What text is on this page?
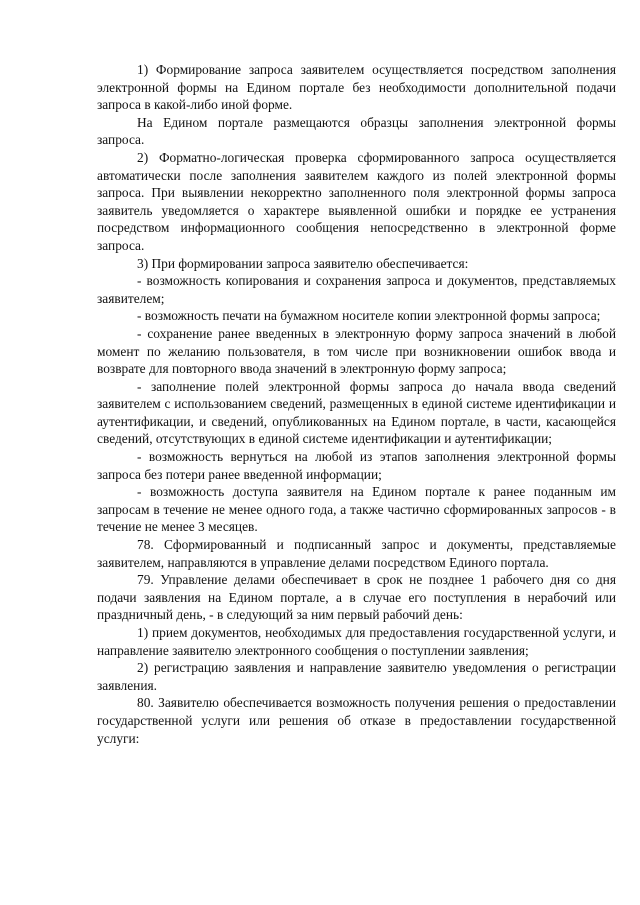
1) Формирование запроса заявителем осуществляется посредством заполнения электронной формы на Едином портале без необходимости дополнительной подачи запроса в какой-либо иной форме.

На Едином портале размещаются образцы заполнения электронной формы запроса.

2) Форматно-логическая проверка сформированного запроса осуществляется автоматически после заполнения заявителем каждого из полей электронной формы запроса. При выявлении некорректно заполненного поля электронной формы запроса заявитель уведомляется о характере выявленной ошибки и порядке ее устранения посредством информационного сообщения непосредственно в электронной форме запроса.

3) При формировании запроса заявителю обеспечивается:

- возможность копирования и сохранения запроса и документов, представляемых заявителем;

- возможность печати на бумажном носителе копии электронной формы запроса;

- сохранение ранее введенных в электронную форму запроса значений в любой момент по желанию пользователя, в том числе при возникновении ошибок ввода и возврате для повторного ввода значений в электронную форму запроса;

- заполнение полей электронной формы запроса до начала ввода сведений заявителем с использованием сведений, размещенных в единой системе идентификации и аутентификации, и сведений, опубликованных на Едином портале, в части, касающейся сведений, отсутствующих в единой системе идентификации и аутентификации;

- возможность вернуться на любой из этапов заполнения электронной формы запроса без потери ранее введенной информации;

- возможность доступа заявителя на Едином портале к ранее поданным им запросам в течение не менее одного года, а также частично сформированных запросов - в течение не менее 3 месяцев.

78. Сформированный и подписанный запрос и документы, представляемые заявителем, направляются в управление делами посредством Единого портала.

79. Управление делами обеспечивает в срок не позднее 1 рабочего дня со дня подачи заявления на Едином портале, а в случае его поступления в нерабочий или праздничный день, - в следующий за ним первый рабочий день:

1) прием документов, необходимых для предоставления государственной услуги, и направление заявителю электронного сообщения о поступлении заявления;

2) регистрацию заявления и направление заявителю уведомления о регистрации заявления.

80. Заявителю обеспечивается возможность получения решения о предоставлении государственной услуги или решения об отказе в предоставлении государственной услуги:
